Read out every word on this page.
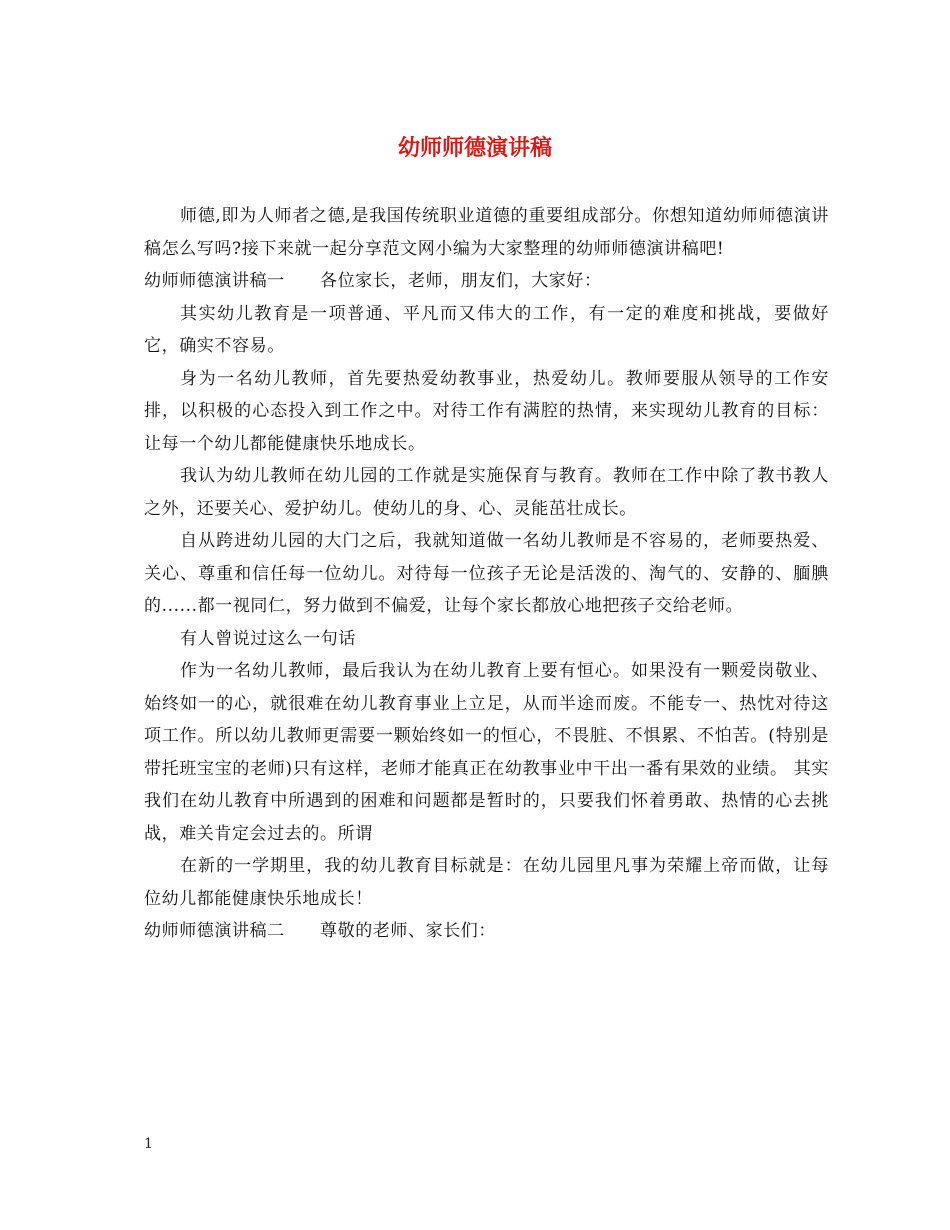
幼师师德演讲稿

师德,即为人师者之德,是我国传统职业道德的重要组成部分。你想知道幼师师德演讲稿怎么写吗?接下来就一起分享范文网小编为大家整理的幼师师德演讲稿吧!

幼师师德演讲稿一　　各位家长，老师，朋友们，大家好：

其实幼儿教育是一项普通、平凡而又伟大的工作，有一定的难度和挑战，要做好它，确实不容易。

身为一名幼儿教师，首先要热爱幼教事业，热爱幼儿。教师要服从领导的工作安排，以积极的心态投入到工作之中。对待工作有满腔的热情，来实现幼儿教育的目标：让每一个幼儿都能健康快乐地成长。

我认为幼儿教师在幼儿园的工作就是实施保育与教育。教师在工作中除了教书教人之外，还要关心、爱护幼儿。使幼儿的身、心、灵能茁壮成长。

自从跨进幼儿园的大门之后，我就知道做一名幼儿教师是不容易的，老师要热爱、关心、尊重和信任每一位幼儿。对待每一位孩子无论是活泼的、淘气的、安静的、腼腆的......都一视同仁，努力做到不偏爱，让每个家长都放心地把孩子交给老师。

有人曾说过这么一句话

作为一名幼儿教师，最后我认为在幼儿教育上要有恒心。如果没有一颗爱岗敬业、始终如一的心，就很难在幼儿教育事业上立足，从而半途而废。不能专一、热忱对待这项工作。所以幼儿教师更需要一颗始终如一的恒心，不畏脏、不惧累、不怕苦。(特别是带托班宝宝的老师)只有这样，老师才能真正在幼教事业中干出一番有果效的业绩。 其实我们在幼儿教育中所遇到的困难和问题都是暂时的，只要我们怀着勇敢、热情的心去挑战，难关肯定会过去的。所谓

在新的一学期里，我的幼儿教育目标就是：在幼儿园里凡事为荣耀上帝而做，让每位幼儿都能健康快乐地成长！

幼师师德演讲稿二　　尊敬的老师、家长们：

1
